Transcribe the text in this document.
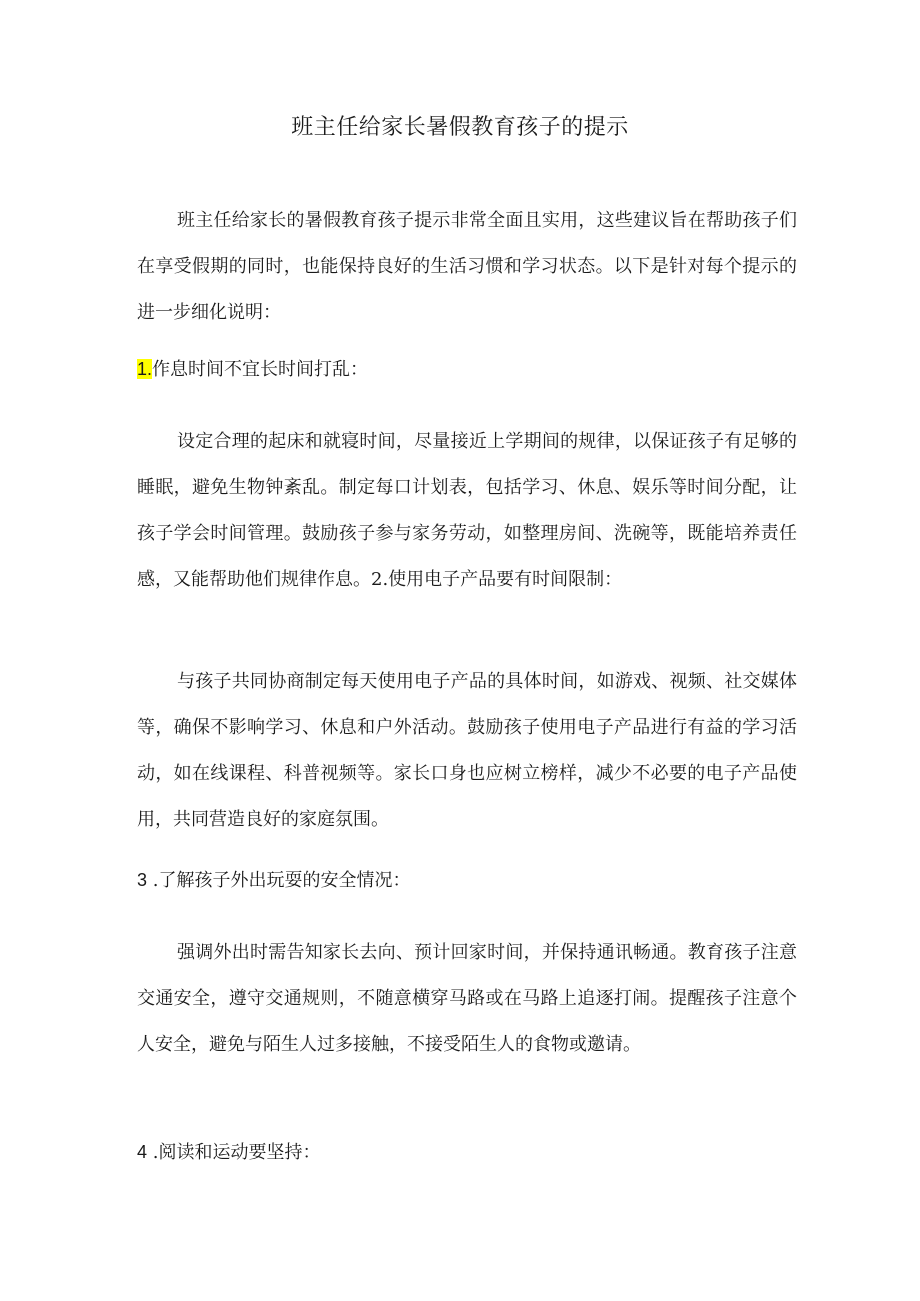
班主任给家长暑假教育孩子的提示

班主任给家长的暑假教育孩子提示非常全面且实用，这些建议旨在帮助孩子们在享受假期的同时，也能保持良好的生活习惯和学习状态。以下是针对每个提示的进一步细化说明：

1.作息时间不宜长时间打乱：

设定合理的起床和就寝时间，尽量接近上学期间的规律，以保证孩子有足够的睡眠，避免生物钟紊乱。制定每口计划表，包括学习、休息、娱乐等时间分配，让孩子学会时间管理。鼓励孩子参与家务劳动，如整理房间、洗碗等，既能培养责任感，又能帮助他们规律作息。2.使用电子产品要有时间限制：

与孩子共同协商制定每天使用电子产品的具体时间，如游戏、视频、社交媒体等，确保不影响学习、休息和户外活动。鼓励孩子使用电子产品进行有益的学习活动，如在线课程、科普视频等。家长口身也应树立榜样，减少不必要的电子产品使用，共同营造良好的家庭氛围。

3 .了解孩子外出玩耍的安全情况：

强调外出时需告知家长去向、预计回家时间，并保持通讯畅通。教育孩子注意交通安全，遵守交通规则，不随意横穿马路或在马路上追逐打闹。提醒孩子注意个人安全，避免与陌生人过多接触，不接受陌生人的食物或邀请。

4 .阅读和运动要坚持：
